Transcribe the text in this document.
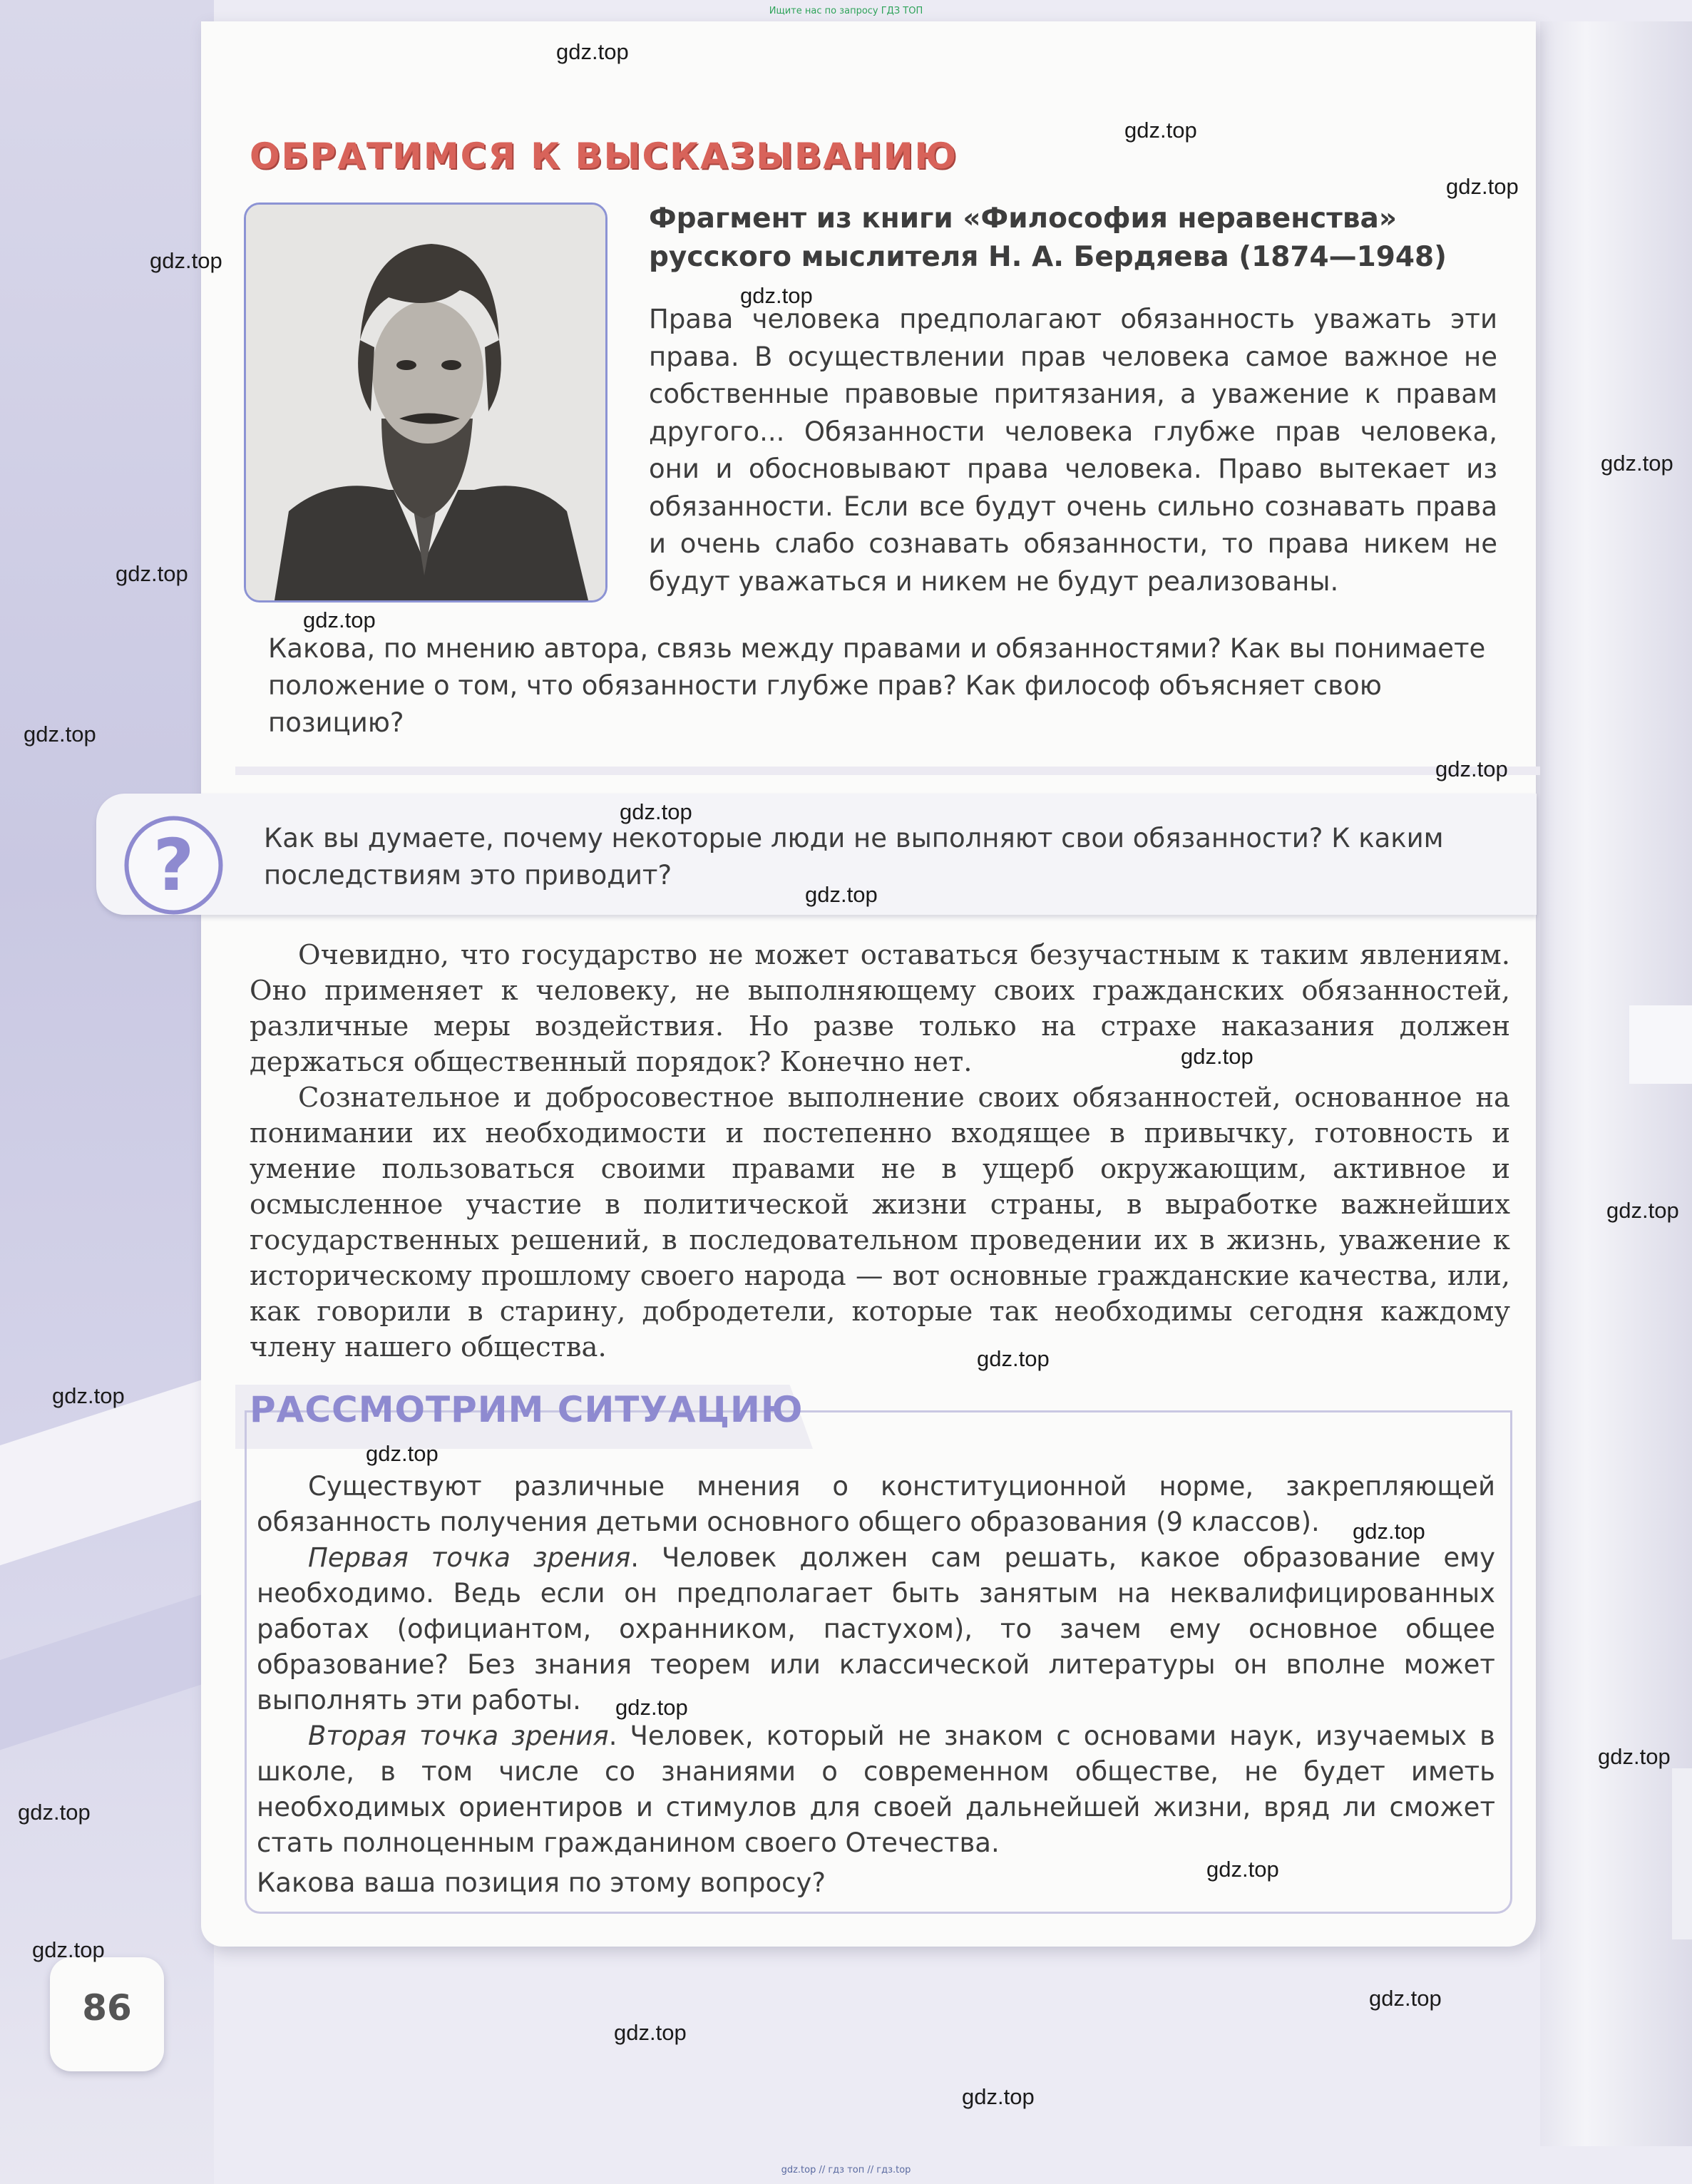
Ищите нас по запросу ГДЗ ТОП
ОБРАТИМСЯ К ВЫСКАЗЫВАНИЮ

Фрагмент из книги «Философия неравенства» русского мыслителя Н. А. Бердяева (1874—1948)

Права человека предполагают обязанность уважать эти права. В осуществлении прав человека самое важное не собственные правовые притязания, а уважение к правам другого... Обязанности человека глубже прав человека, они и обосновывают права человека. Право вытекает из обязанности. Если все будут очень сильно сознавать права и очень слабо сознавать обязанности, то права никем не будут уважаться и никем не будут реализованы.

Какова, по мнению автора, связь между правами и обязанностями? Как вы понимаете положение о том, что обязанности глубже прав? Как философ объясняет свою позицию?

?	Как вы думаете, почему некоторые люди не выполняют свои обязанности? К каким последствиям это приводит?

Очевидно, что государство не может оставаться безучастным к таким явлениям. Оно применяет к человеку, не выполняющему своих гражданских обязанностей, различные меры воздействия. Но разве только на страхе наказания должен держаться общественный порядок? Конечно нет.

Сознательное и добросовестное выполнение своих обязанностей, основанное на понимании их необходимости и постепенно входящее в привычку, готовность и умение пользоваться своими правами не в ущерб окружающим, активное и осмысленное участие в политической жизни страны, в выработке важнейших государственных решений, в последовательном проведении их в жизнь, уважение к историческому прошлому своего народа — вот основные гражданские качества, или, как говорили в старину, добродетели, которые так необходимы сегодня каждому члену нашего общества.

РАССМОТРИМ СИТУАЦИЮ

Существуют различные мнения о конституционной норме, закрепляющей обязанность получения детьми основного общего образования (9 классов).

Первая точка зрения. Человек должен сам решать, какое образование ему необходимо. Ведь если он предполагает быть занятым на неквалифицированных работах (официантом, охранником, пастухом), то зачем ему основное общее образование? Без знания теорем или классической литературы он вполне может выполнять эти работы.

Вторая точка зрения. Человек, который не знаком с основами наук, изучаемых в школе, в том числе со знаниями о современном обществе, не будет иметь необходимых ориентиров и стимулов для своей дальнейшей жизни, вряд ли сможет стать полноценным гражданином своего Отечества.

Какова ваша позиция по этому вопросу?

86

gdz.top
gdz.top
gdz.top
gdz.top
gdz.top
gdz.top
gdz.top
gdz.top
gdz.top
gdz.top
gdz.top
gdz.top
gdz.top
gdz.top
gdz.top
gdz.top
gdz.top
gdz.top
gdz.top
gdz.top
gdz.top
gdz.top
gdz.top
gdz.top
gdz.top
gdz.top
gdz.top // гдз топ // гдз.top
